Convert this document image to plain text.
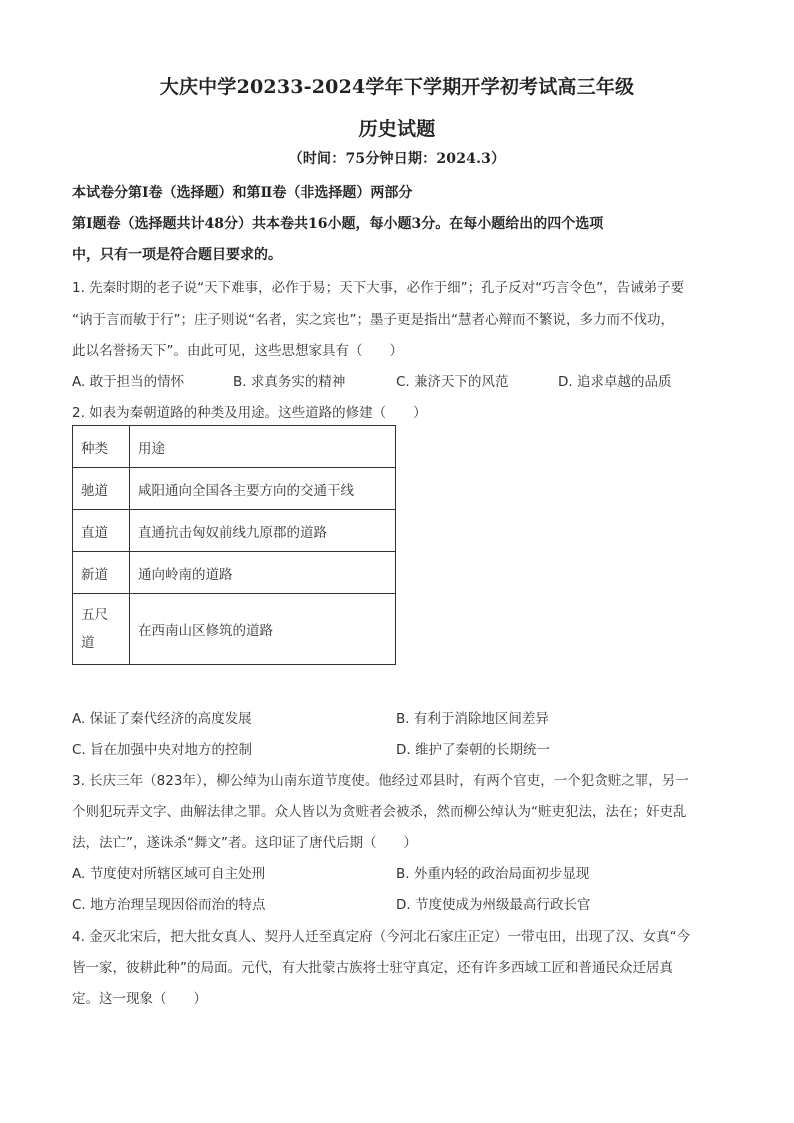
大庆中学20233-2024学年下学期开学初考试高三年级
历史试题
（时间：75分钟日期：2024.3）
本试卷分第Ⅰ卷（选择题）和第Ⅱ卷（非选择题）两部分
第Ⅰ题卷（选择题共计48分）共本卷共16小题，每小题3分。在每小题给出的四个选项
中，只有一项是符合题目要求的。
1. 先秦时期的老子说“天下难事，必作于易；天下大事，必作于细”；孔子反对“巧言令色”，告诫弟子要
“讷于言而敏于行”；庄子则说“名者，实之宾也”；墨子更是指出“慧者心辩而不繁说，多力而不伐功，
此以名誉扬天下”。由此可见，这些思想家具有（　　）
A. 敢于担当的情怀	B. 求真务实的精神	C. 兼济天下的风范	D. 追求卓越的品质
2. 如表为秦朝道路的种类及用途。这些道路的修建（　　）
种类	用途
驰道	咸阳通向全国各主要方向的交通干线
直道	直通抗击匈奴前线九原郡的道路
新道	通向岭南的道路

五尺
道	在西南山区修筑的道路
A. 保证了秦代经济的高度发展	B. 有利于消除地区间差异
C. 旨在加强中央对地方的控制	D. 维护了秦朝的长期统一
3. 长庆三年（823年），柳公绰为山南东道节度使。他经过邓县时，有两个官吏，一个犯贪赃之罪，另一
个则犯玩弄文字、曲解法律之罪。众人皆以为贪赃者会被杀，然而柳公绰认为“赃吏犯法，法在；奸吏乱
法，法亡”，遂诛杀“舞文”者。这印证了唐代后期（　　）
A. 节度使对所辖区域可自主处刑	B. 外重内轻的政治局面初步显现
C. 地方治理呈现因俗而治的特点	D. 节度使成为州级最高行政长官
4. 金灭北宋后，把大批女真人、契丹人迁至真定府（今河北石家庄正定）一带屯田，出现了汉、女真“今
皆一家，彼耕此种”的局面。元代，有大批蒙古族将士驻守真定，还有许多西域工匠和普通民众迁居真
定。这一现象（　　）
